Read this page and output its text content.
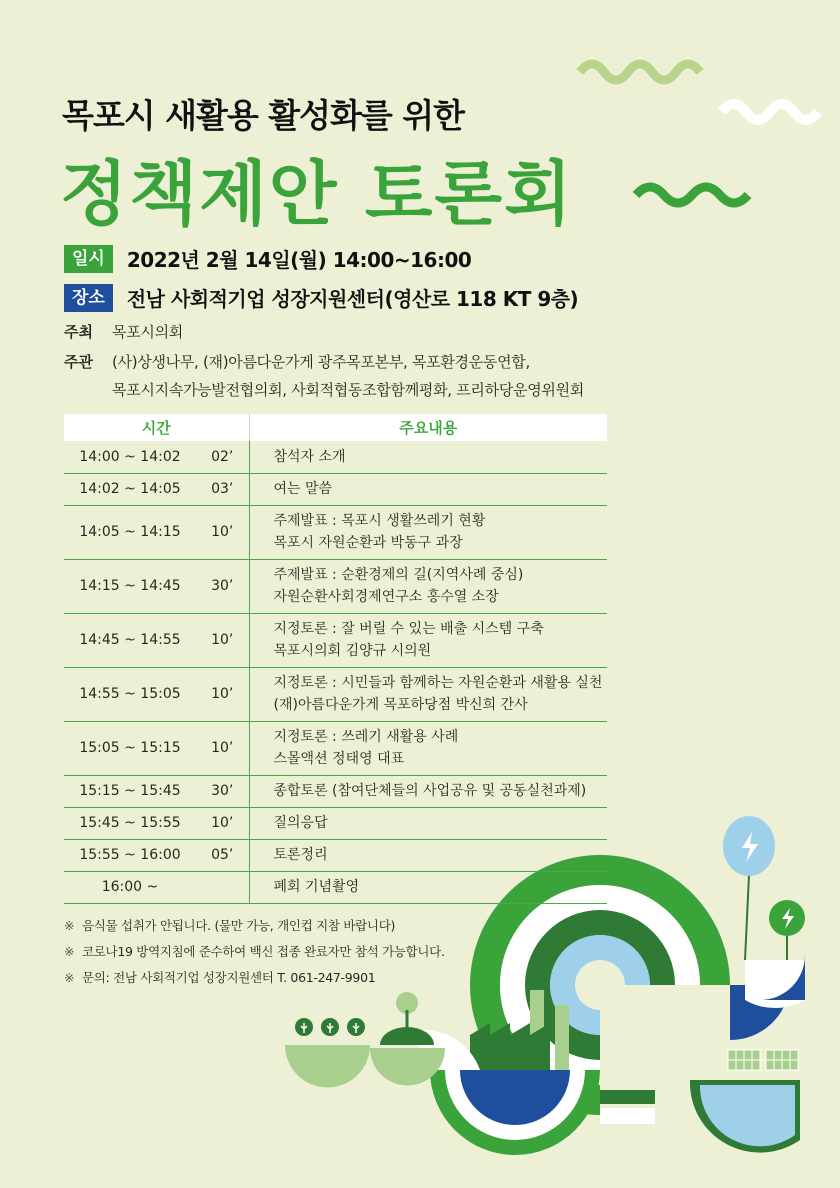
목포시 새활용 활성화를 위한
정책제안 토론회
일시	2022년 2월 14일(월) 14:00~16:00
장소	전남 사회적기업 성장지원센터(영산로 118 KT 9층)
주최	목포시의회
주관	(사)상생나무, (재)아름다운가게 광주목포본부, 목포환경운동연합,
목포시지속가능발전협의회, 사회적협동조합함께평화, 프리하당운영위원회
시간		주요내용
14:00 ~ 14:02	02’	참석자 소개

14:02 ~ 14:05	03’	여는 말씀

14:05 ~ 14:15	10’	주제발표 : 목포시 생활쓰레기 현황
목포시 자원순환과 박동구 과장

14:15 ~ 14:45	30’	주제발표 : 순환경제의 길(지역사례 중심)
자원순환사회경제연구소 홍수열 소장

14:45 ~ 14:55	10’	지정토론 : 잘 버릴 수 있는 배출 시스템 구축
목포시의회 김양규 시의원

14:55 ~ 15:05	10’	지정토론 : 시민들과 함께하는 자원순환과 새활용 실천
(재)아름다운가게 목포하당점 박신희 간사

15:05 ~ 15:15	10’	지정토론 : 쓰레기 새활용 사례
스몰액션 정태영 대표

15:15 ~ 15:45	30’	종합토론 (참여단체들의 사업공유 및 공동실천과제)

15:45 ~ 15:55	10’	질의응답

15:55 ~ 16:00	05’	토론정리

16:00 ~		폐회 기념촬영
※ 음식물 섭취가 안됩니다. (물만 가능, 개인컵 지참 바랍니다)
※ 코로나19 방역지침에 준수하여 백신 접종 완료자만 참석 가능합니다.
※ 문의: 전남 사회적기업 성장지원센터 T. 061-247-9901
